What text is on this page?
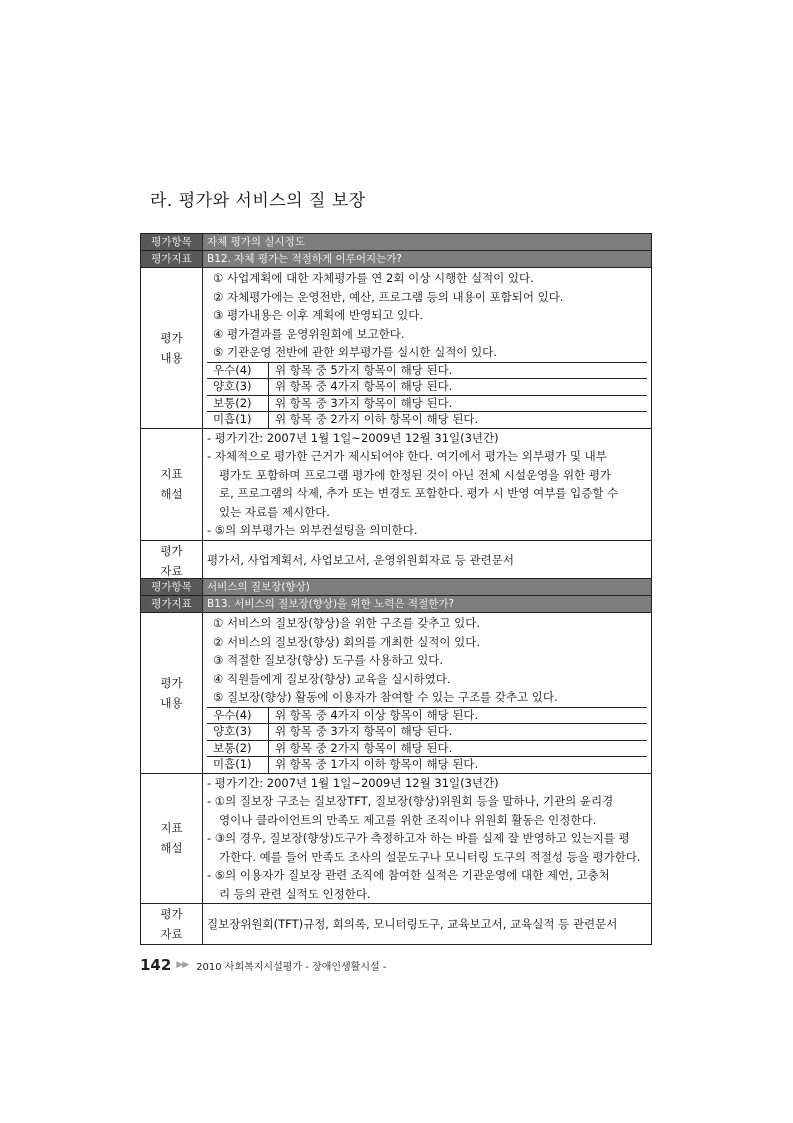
라. 평가와 서비스의 질 보장
평가항목	자체 평가의 실시정도
평가지표	B12. 자체 평가는 적절하게 이루어지는가?

평가
내용

① 사업계획에 대한 자체평가를 연 2회 이상 시행한 실적이 있다.
② 자체평가에는 운영전반, 예산, 프로그램 등의 내용이 포함되어 있다.
③ 평가내용은 이후 계획에 반영되고 있다.
④ 평가결과를 운영위원회에 보고한다.
⑤ 기관운영 전반에 관한 외부평가를 실시한 실적이 있다.
우수(4)	위 항목 중 5가지 항목이 해당 된다.
양호(3)	위 항목 중 4가지 항목이 해당 된다.
보통(2)	위 항목 중 3가지 항목이 해당 된다.
미흡(1)	위 항목 중 2가지 이하 항목이 해당 된다.

지표
해설

- 평가기간: 2007년 1월 1일~2009년 12월 31일(3년간)
- 자체적으로 평가한 근거가 제시되어야 한다. 여기에서 평가는 외부평가 및 내부
평가도 포함하며 프로그램 평가에 한정된 것이 아닌 전체 시설운영을 위한 평가
로, 프로그램의 삭제, 추가 또는 변경도 포함한다. 평가 시 반영 여부를 입증할 수
있는 자료를 제시한다.
- ⑤의 외부평가는 외부컨설팅을 의미한다.

평가
자료
	평가서, 사업계획서, 사업보고서, 운영위원회자료 등 관련문서
평가항목	서비스의 질보장(향상)
평가지표	B13. 서비스의 질보장(향상)을 위한 노력은 적절한가?

평가
내용

① 서비스의 질보장(향상)을 위한 구조를 갖추고 있다.
② 서비스의 질보장(향상) 회의를 개최한 실적이 있다.
③ 적절한 질보장(향상) 도구를 사용하고 있다.
④ 직원들에게 질보장(향상) 교육을 실시하였다.
⑤ 질보장(향상) 활동에 이용자가 참여할 수 있는 구조를 갖추고 있다.
우수(4)	위 항목 중 4가지 이상 항목이 해당 된다.
양호(3)	위 항목 중 3가지 항목이 해당 된다.
보통(2)	위 항목 중 2가지 항목이 해당 된다.
미흡(1)	위 항목 중 1가지 이하 항목이 해당 된다.

지표
해설

- 평가기간: 2007년 1월 1일~2009년 12월 31일(3년간)
- ①의 질보장 구조는 질보장TFT, 질보장(향상)위원회 등을 말하나, 기관의 윤리경
영이나 클라이언트의 만족도 제고를 위한 조직이나 위원회 활동은 인정한다.
- ③의 경우, 질보장(향상)도구가 측정하고자 하는 바를 실제 잘 반영하고 있는지를 평
가한다. 예를 들어 만족도 조사의 설문도구나 모니터링 도구의 적절성 등을 평가한다.
- ⑤의 이용자가 질보장 관련 조직에 참여한 실적은 기관운영에 대한 제언, 고충처
리 등의 관련 실적도 인정한다.

평가
자료
	질보장위원회(TFT)규정, 회의록, 모니터링도구, 교육보고서, 교육실적 등 관련문서
142 ▶▶ 2010 사회복지시설평가 - 장애인생활시설 -
